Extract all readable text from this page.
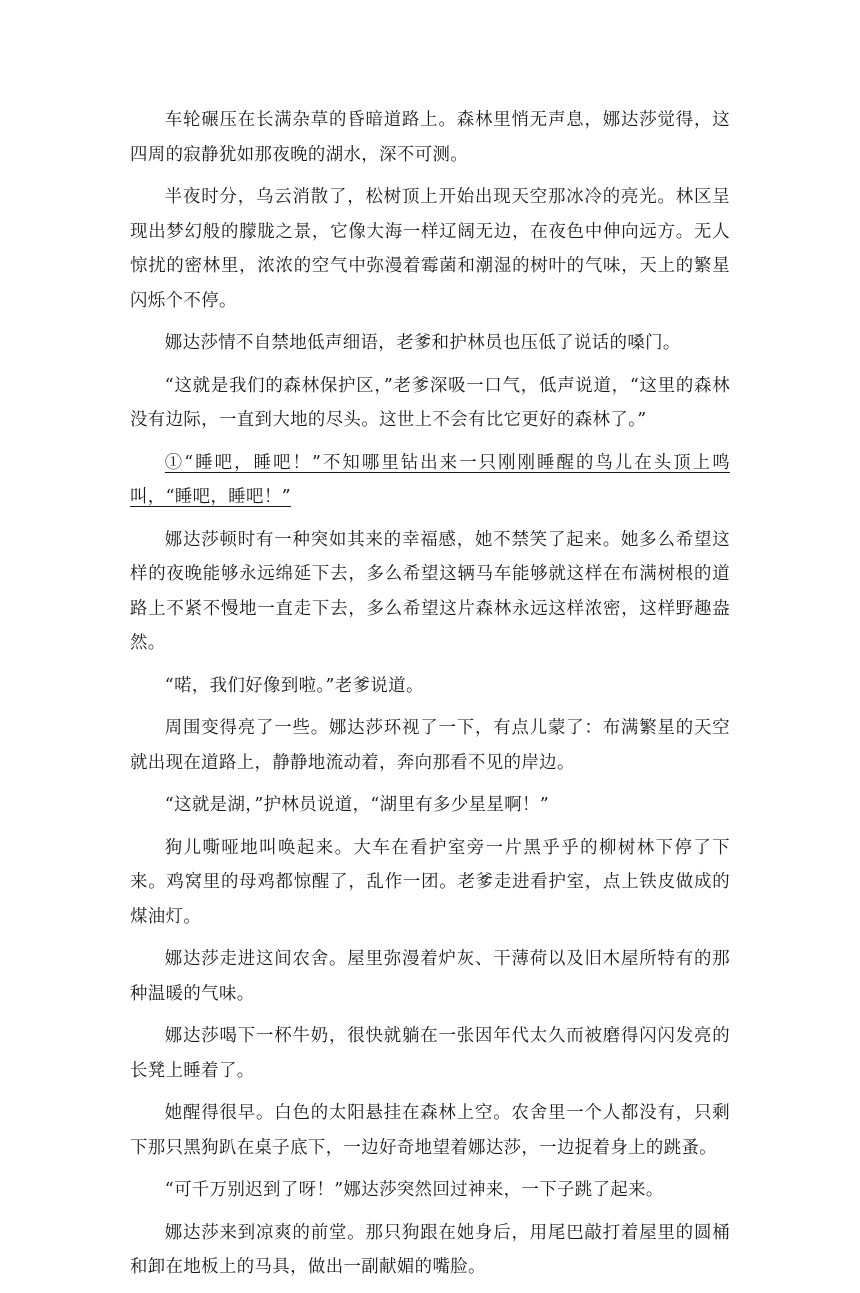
车轮碾压在长满杂草的昏暗道路上。森林里悄无声息，娜达莎觉得，这四周的寂静犹如那夜晚的湖水，深不可测。

半夜时分，乌云消散了，松树顶上开始出现天空那冰冷的亮光。林区呈现出梦幻般的朦胧之景，它像大海一样辽阔无边，在夜色中伸向远方。无人惊扰的密林里，浓浓的空气中弥漫着霉菌和潮湿的树叶的气味，天上的繁星闪烁个不停。

娜达莎情不自禁地低声细语，老爹和护林员也压低了说话的嗓门。

“这就是我们的森林保护区，”老爹深吸一口气，低声说道，“这里的森林没有边际，一直到大地的尽头。这世上不会有比它更好的森林了。”

①“睡吧，睡吧！”不知哪里钻出来一只刚刚睡醒的鸟儿在头顶上鸣叫，“睡吧，睡吧！”

娜达莎顿时有一种突如其来的幸福感，她不禁笑了起来。她多么希望这样的夜晚能够永远绵延下去，多么希望这辆马车能够就这样在布满树根的道路上不紧不慢地一直走下去，多么希望这片森林永远这样浓密，这样野趣盎然。

“喏，我们好像到啦。”老爹说道。

周围变得亮了一些。娜达莎环视了一下，有点儿蒙了：布满繁星的天空就出现在道路上，静静地流动着，奔向那看不见的岸边。

“这就是湖，”护林员说道，“湖里有多少星星啊！”

狗儿嘶哑地叫唤起来。大车在看护室旁一片黑乎乎的柳树林下停了下来。鸡窝里的母鸡都惊醒了，乱作一团。老爹走进看护室，点上铁皮做成的煤油灯。

娜达莎走进这间农舍。屋里弥漫着炉灰、干薄荷以及旧木屋所特有的那种温暖的气味。

娜达莎喝下一杯牛奶，很快就躺在一张因年代太久而被磨得闪闪发亮的长凳上睡着了。

她醒得很早。白色的太阳悬挂在森林上空。农舍里一个人都没有，只剩下那只黑狗趴在桌子底下，一边好奇地望着娜达莎，一边捉着身上的跳蚤。

“可千万别迟到了呀！”娜达莎突然回过神来，一下子跳了起来。

娜达莎来到凉爽的前堂。那只狗跟在她身后，用尾巴敲打着屋里的圆桶和卸在地板上的马具，做出一副献媚的嘴脸。
